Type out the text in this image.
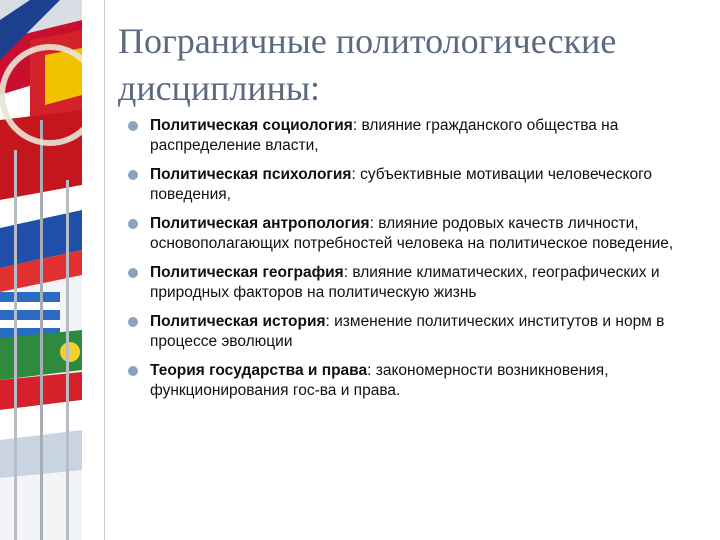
Пограничные политологические дисциплины:
Политическая социология: влияние гражданского общества на распределение власти,
Политическая психология: субъективные мотивации человеческого поведения,
Политическая антропология: влияние родовых качеств личности, основополагающих потребностей человека на политическое поведение,
Политическая география: влияние климатических, географических и природных факторов на политическую жизнь
Политическая история: изменение политических институтов и норм в процессе эволюции
Теория государства и права: закономерности возникновения, функционирования гос-ва и права.
